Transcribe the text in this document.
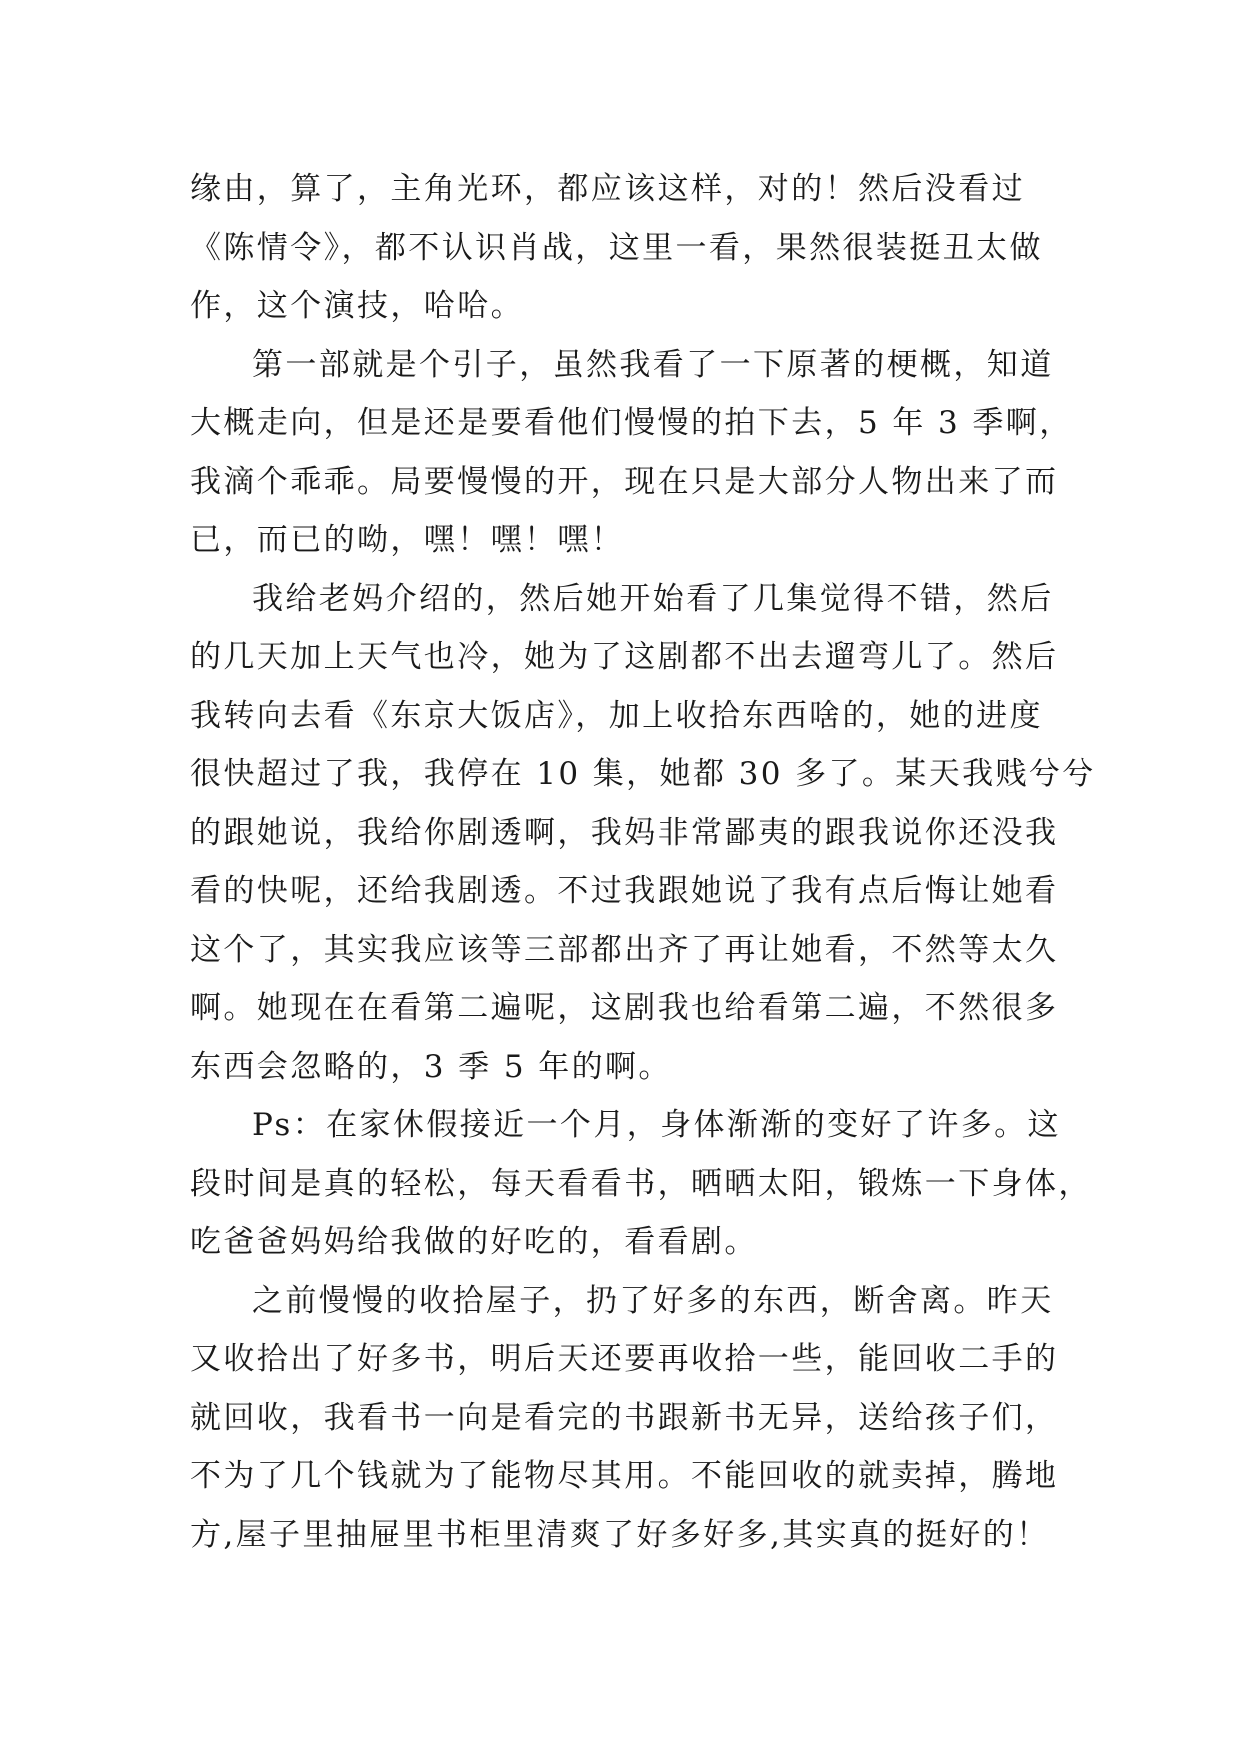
缘由，算了，主角光环，都应该这样，对的！然后没看过
《陈情令》，都不认识肖战，这里一看，果然很装挺丑太做
作，这个演技，哈哈。

第一部就是个引子，虽然我看了一下原著的梗概，知道
大概走向，但是还是要看他们慢慢的拍下去，5 年 3 季啊，
我滴个乖乖。局要慢慢的开，现在只是大部分人物出来了而
已，而已的呦，嘿！嘿！嘿！

我给老妈介绍的，然后她开始看了几集觉得不错，然后
的几天加上天气也冷，她为了这剧都不出去遛弯儿了。然后
我转向去看《东京大饭店》，加上收拾东西啥的，她的进度
很快超过了我，我停在 10 集，她都 30 多了。某天我贱兮兮
的跟她说，我给你剧透啊，我妈非常鄙夷的跟我说你还没我
看的快呢，还给我剧透。不过我跟她说了我有点后悔让她看
这个了，其实我应该等三部都出齐了再让她看，不然等太久
啊。她现在在看第二遍呢，这剧我也给看第二遍，不然很多
东西会忽略的，3 季 5 年的啊。

Ps：在家休假接近一个月，身体渐渐的变好了许多。这
段时间是真的轻松，每天看看书，晒晒太阳，锻炼一下身体，
吃爸爸妈妈给我做的好吃的，看看剧。

之前慢慢的收拾屋子，扔了好多的东西，断舍离。昨天
又收拾出了好多书，明后天还要再收拾一些，能回收二手的
就回收，我看书一向是看完的书跟新书无异，送给孩子们，
不为了几个钱就为了能物尽其用。不能回收的就卖掉，腾地
方,屋子里抽屉里书柜里清爽了好多好多,其实真的挺好的！
